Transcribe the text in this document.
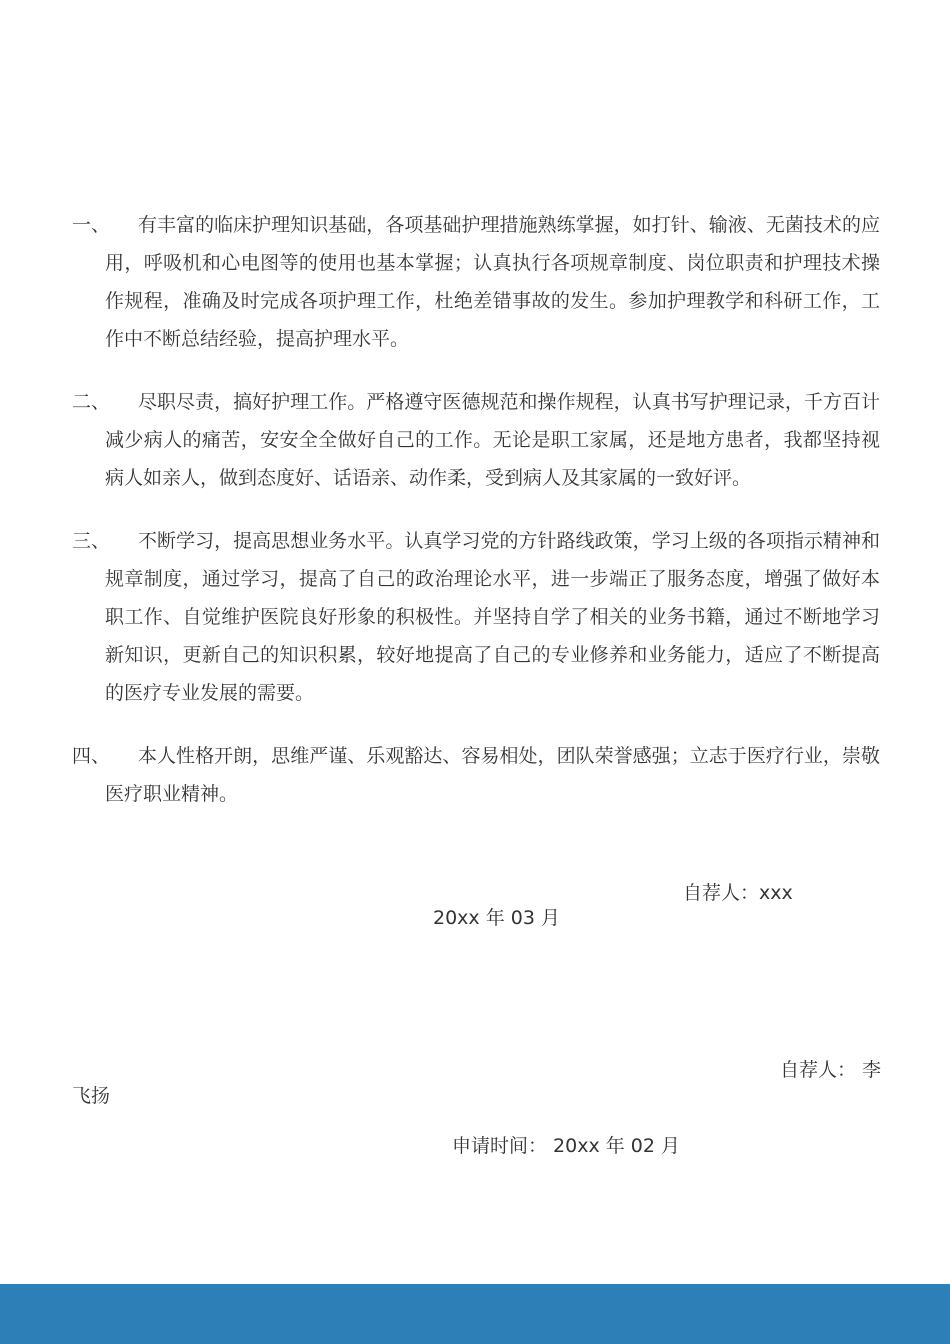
一、	有丰富的临床护理知识基础，各项基础护理措施熟练掌握，如打针、输液、无菌技术的应用，呼吸机和心电图等的使用也基本掌握；认真执行各项规章制度、岗位职责和护理技术操作规程，准确及时完成各项护理工作，杜绝差错事故的发生。参加护理教学和科研工作，工作中不断总结经验，提高护理水平。

二、	尽职尽责，搞好护理工作。严格遵守医德规范和操作规程，认真书写护理记录，千方百计减少病人的痛苦，安安全全做好自己的工作。无论是职工家属，还是地方患者，我都坚持视病人如亲人，做到态度好、话语亲、动作柔，受到病人及其家属的一致好评。

三、	不断学习，提高思想业务水平。认真学习党的方针路线政策，学习上级的各项指示精神和规章制度，通过学习，提高了自己的政治理论水平，进一步端正了服务态度，增强了做好本职工作、自觉维护医院良好形象的积极性。并坚持自学了相关的业务书籍，通过不断地学习新知识，更新自己的知识积累，较好地提高了自己的专业修养和业务能力，适应了不断提高的医疗专业发展的需要。

四、	本人性格开朗，思维严谨、乐观豁达、容易相处，团队荣誉感强；立志于医疗行业，崇敬医疗职业精神。

自荐人：xxx
20xx 年 03 月
自荐人： 李
飞扬
申请时间： 20xx 年 02 月
